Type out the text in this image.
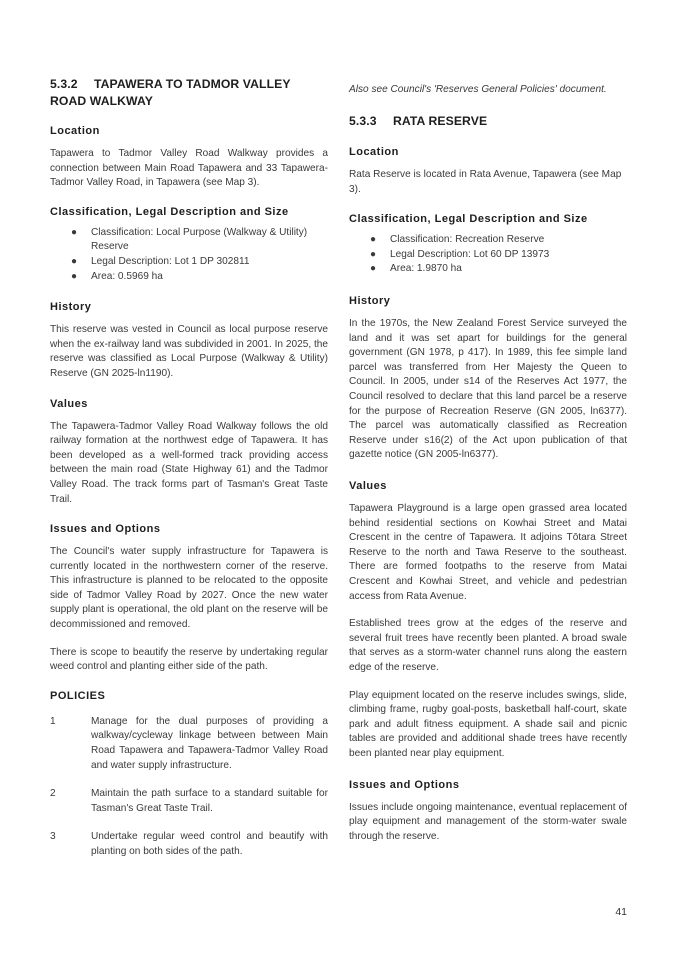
5.3.2 TAPAWERA TO TADMOR VALLEY ROAD WALKWAY
Location

Tapawera to Tadmor Valley Road Walkway provides a connection between Main Road Tapawera and 33 Tapawera-Tadmor Valley Road, in Tapawera (see Map 3).

Classification, Legal Description and Size
● Classification: Local Purpose (Walkway & Utility) Reserve
● Legal Description: Lot 1 DP 302811
● Area: 0.5969 ha
History

This reserve was vested in Council as local purpose reserve when the ex-railway land was subdivided in 2001. In 2025, the reserve was classified as Local Purpose (Walkway & Utility) Reserve (GN 2025-ln1190).

Values

The Tapawera-Tadmor Valley Road Walkway follows the old railway formation at the northwest edge of Tapawera. It has been developed as a well-formed track providing access between the main road (State Highway 61) and the Tadmor Valley Road. The track forms part of Tasman's Great Taste Trail.

Issues and Options

The Council's water supply infrastructure for Tapawera is currently located in the northwestern corner of the reserve. This infrastructure is planned to be relocated to the opposite side of Tadmor Valley Road by 2027. Once the new water supply plant is operational, the old plant on the reserve will be decommissioned and removed.

There is scope to beautify the reserve by undertaking regular weed control and planting either side of the path.

POLICIES
1	Manage for the dual purposes of providing a walkway/cycleway linkage between between Main Road Tapawera and Tapawera-Tadmor Valley Road and water supply infrastructure.

2	Maintain the path surface to a standard suitable for Tasman's Great Taste Trail.

3	Undertake regular weed control and beautify with planting on both sides of the path.

Also see Council's 'Reserves General Policies' document.

5.3.3 RATA RESERVE
Location

Rata Reserve is located in Rata Avenue, Tapawera (see Map 3).

Classification, Legal Description and Size
● Classification: Recreation Reserve
● Legal Description: Lot 60 DP 13973
● Area: 1.9870 ha
History

In the 1970s, the New Zealand Forest Service surveyed the land and it was set apart for buildings for the general government (GN 1978, p 417). In 1989, this fee simple land parcel was transferred from Her Majesty the Queen to Council. In 2005, under s14 of the Reserves Act 1977, the Council resolved to declare that this land parcel be a reserve for the purpose of Recreation Reserve (GN 2005, ln6377). The parcel was automatically classified as Recreation Reserve under s16(2) of the Act upon publication of that gazette notice (GN 2005-ln6377).

Values

Tapawera Playground is a large open grassed area located behind residential sections on Kowhai Street and Matai Crescent in the centre of Tapawera. It adjoins Tōtara Street Reserve to the north and Tawa Reserve to the southeast. There are formed footpaths to the reserve from Matai Crescent and Kowhai Street, and vehicle and pedestrian access from Rata Avenue.

Established trees grow at the edges of the reserve and several fruit trees have recently been planted. A broad swale that serves as a storm-water channel runs along the eastern edge of the reserve.

Play equipment located on the reserve includes swings, slide, climbing frame, rugby goal-posts, basketball half-court, skate park and adult fitness equipment. A shade sail and picnic tables are provided and additional shade trees have recently been planted near play equipment.

Issues and Options

Issues include ongoing maintenance, eventual replacement of play equipment and management of the storm-water swale through the reserve.

41
